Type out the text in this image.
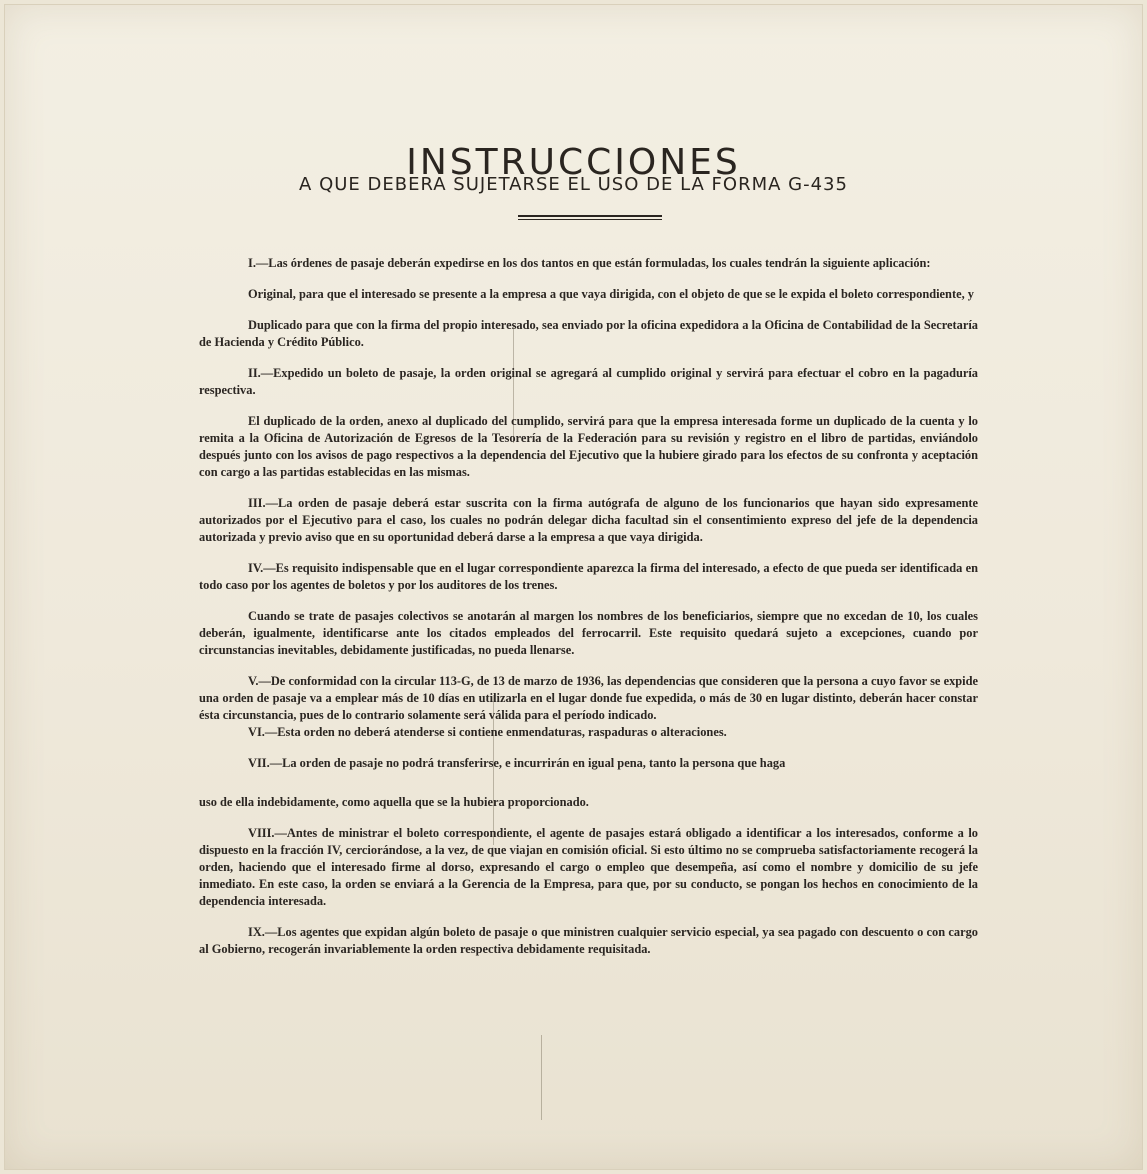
INSTRUCCIONES
A QUE DEBERA SUJETARSE EL USO DE LA FORMA G-435

I.—Las órdenes de pasaje deberán expedirse en los dos tantos en que están formuladas, los cuales tendrán la siguiente aplicación:

Original, para que el interesado se presente a la empresa a que vaya dirigida, con el objeto de que se le expida el boleto correspondiente, y

Duplicado para que con la firma del propio interesado, sea enviado por la oficina expedidora a la Oficina de Contabilidad de la Secretaría de Hacienda y Crédito Público.

II.—Expedido un boleto de pasaje, la orden original se agregará al cumplido original y servirá para efectuar el cobro en la pagaduría respectiva.

El duplicado de la orden, anexo al duplicado del cumplido, servirá para que la empresa interesada forme un duplicado de la cuenta y lo remita a la Oficina de Autorización de Egresos de la Tesorería de la Federación para su revisión y registro en el libro de partidas, enviándolo después junto con los avisos de pago respectivos a la dependencia del Ejecutivo que la hubiere girado para los efectos de su confronta y aceptación con cargo a las partidas establecidas en las mismas.

III.—La orden de pasaje deberá estar suscrita con la firma autógrafa de alguno de los funcionarios que hayan sido expresamente autorizados por el Ejecutivo para el caso, los cuales no podrán delegar dicha facultad sin el consentimiento expreso del jefe de la dependencia autorizada y previo aviso que en su oportunidad deberá darse a la empresa a que vaya dirigida.

IV.—Es requisito indispensable que en el lugar correspondiente aparezca la firma del interesado, a efecto de que pueda ser identificada en todo caso por los agentes de boletos y por los auditores de los trenes.

Cuando se trate de pasajes colectivos se anotarán al margen los nombres de los beneficiarios, siempre que no excedan de 10, los cuales deberán, igualmente, identificarse ante los citados empleados del ferrocarril. Este requisito quedará sujeto a excepciones, cuando por circunstancias inevitables, debidamente justificadas, no pueda llenarse.

V.—De conformidad con la circular 113-G, de 13 de marzo de 1936, las dependencias que consideren que la persona a cuyo favor se expide una orden de pasaje va a emplear más de 10 días en utilizarla en el lugar donde fue expedida, o más de 30 en lugar distinto, deberán hacer constar ésta circunstancia, pues de lo contrario solamente será válida para el período indicado.

VI.—Esta orden no deberá atenderse si contiene enmendaturas, raspaduras o alteraciones.

VII.—La orden de pasaje no podrá transferirse, e incurrirán en igual pena, tanto la persona que haga

uso de ella indebidamente, como aquella que se la hubiera proporcionado.

VIII.—Antes de ministrar el boleto correspondiente, el agente de pasajes estará obligado a identificar a los interesados, conforme a lo dispuesto en la fracción IV, cerciorándose, a la vez, de que viajan en comisión oficial. Si esto último no se comprueba satisfactoriamente recogerá la orden, haciendo que el interesado firme al dorso, expresando el cargo o empleo que desempeña, así como el nombre y domicilio de su jefe inmediato. En este caso, la orden se enviará a la Gerencia de la Empresa, para que, por su conducto, se pongan los hechos en conocimiento de la dependencia interesada.

IX.—Los agentes que expidan algún boleto de pasaje o que ministren cualquier servicio especial, ya sea pagado con descuento o con cargo al Gobierno, recogerán invariablemente la orden respectiva debidamente requisitada.
